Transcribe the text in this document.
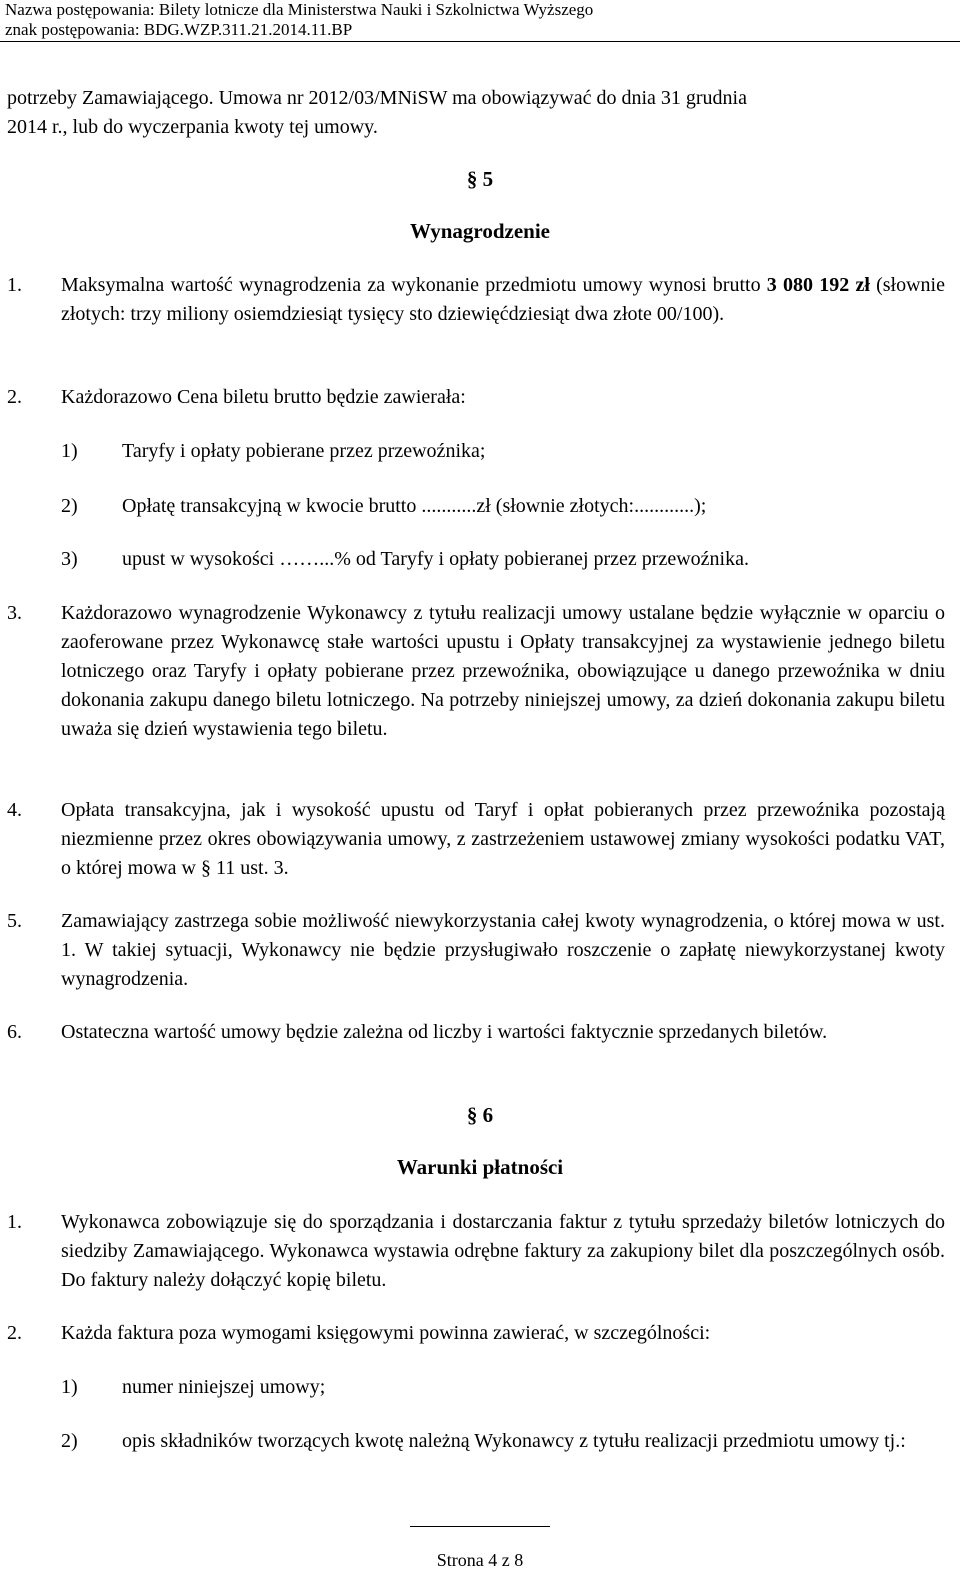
Nazwa postępowania: Bilety lotnicze dla Ministerstwa Nauki i Szkolnictwa Wyższego
znak postępowania: BDG.WZP.311.21.2014.11.BP
potrzeby Zamawiającego. Umowa nr 2012/03/MNiSW ma obowiązywać do dnia 31 grudnia
2014 r., lub do wyczerpania kwoty tej umowy.
§ 5
Wynagrodzenie
1. Maksymalna wartość wynagrodzenia za wykonanie przedmiotu umowy wynosi brutto 3 080 192 zł (słownie złotych: trzy miliony osiemdziesiąt tysięcy sto dziewięćdziesiąt dwa złote 00/100).
2. Każdorazowo Cena biletu brutto będzie zawierała:
1) Taryfy i opłaty pobierane przez przewoźnika;
2) Opłatę transakcyjną w kwocie brutto ...........zł (słownie złotych:............);
3) upust w wysokości ……...% od Taryfy i opłaty pobieranej przez przewoźnika.
3. Każdorazowo wynagrodzenie Wykonawcy z tytułu realizacji umowy ustalane będzie wyłącznie w oparciu o zaoferowane przez Wykonawcę stałe wartości upustu i Opłaty transakcyjnej za wystawienie jednego biletu lotniczego oraz Taryfy i opłaty pobierane przez przewoźnika, obowiązujące u danego przewoźnika w dniu dokonania zakupu danego biletu lotniczego. Na potrzeby niniejszej umowy, za dzień dokonania zakupu biletu uważa się dzień wystawienia tego biletu.
4. Opłata transakcyjna, jak i wysokość upustu od Taryf i opłat pobieranych przez przewoźnika pozostają niezmienne przez okres obowiązywania umowy, z zastrzeżeniem ustawowej zmiany wysokości podatku VAT, o której mowa w § 11 ust. 3.
5. Zamawiający zastrzega sobie możliwość niewykorzystania całej kwoty wynagrodzenia, o której mowa w ust. 1. W takiej sytuacji, Wykonawcy nie będzie przysługiwało roszczenie o zapłatę niewykorzystanej kwoty wynagrodzenia.
6. Ostateczna wartość umowy będzie zależna od liczby i wartości faktycznie sprzedanych biletów.
§ 6
Warunki płatności
1. Wykonawca zobowiązuje się do sporządzania i dostarczania faktur z tytułu sprzedaży biletów lotniczych do siedziby Zamawiającego. Wykonawca wystawia odrębne faktury za zakupiony bilet dla poszczególnych osób. Do faktury należy dołączyć kopię biletu.
2. Każda faktura poza wymogami księgowymi powinna zawierać, w szczególności:
1) numer niniejszej umowy;
2) opis składników tworzących kwotę należną Wykonawcy z tytułu realizacji przedmiotu umowy tj.:
Strona 4 z 8
